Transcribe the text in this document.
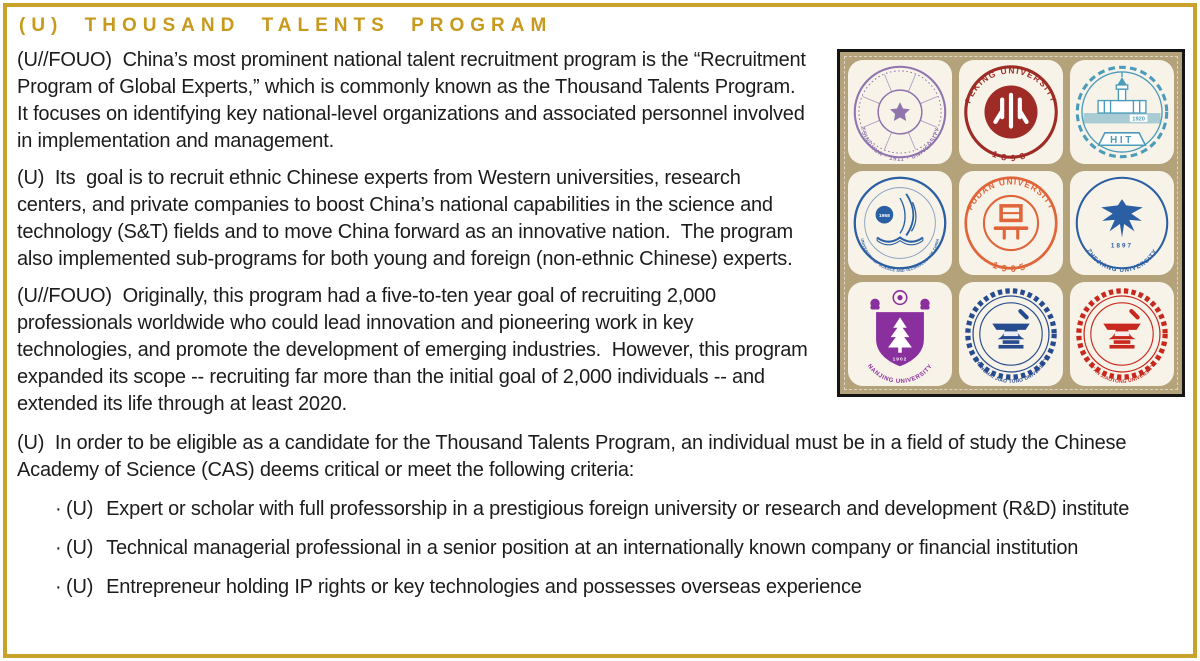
(U) THOUSAND TALENTS PROGRAM

(U//FOUO)  China’s most prominent national talent recruitment program is the “Recruitment Program of Global Experts,” which is commonly known as the Thousand Talents Program.  It focuses on identifying key national-level organizations and associated personnel involved in implementation and management.

(U)  Its  goal is to recruit ethnic Chinese experts from Western universities, research centers, and private companies to boost China’s national capabilities in the science and technology (S&T) fields and to move China forward as an innovative nation.  The program also implemented sub-programs for both young and foreign (non-ethnic Chinese) experts.

(U//FOUO)  Originally, this program had a five-to-ten year goal of recruiting 2,000 professionals worldwide who could lead innovation and pioneering work in key technologies, and promote the development of emerging industries.  However, this program expanded its scope -- recruiting far more than the initial goal of 2,000 individuals -- and extended its life through at least 2020.

TSINGHUA · 1911 · UNIVERSITY
PEKING UNIVERSITY
1898
1920
HIT
1958
UNIVERSITY OF SCIENCE AND TECHNOLOGY OF CHINA
FUDAN UNIVERSITY
1905
1897
ZHEJIANG UNIVERSITY
1902
NANJING UNIVERSITY
SHANGHAI JIAO TONG UNIVERSITY
XI'AN JIAOTONG UNIVERSITY

(U)  In order to be eligible as a candidate for the Thousand Talents Program, an individual must be in a field of study the Chinese Academy of Science (CAS) deems critical or meet the following criteria:

· (U) Expert or scholar with full professorship in a prestigious foreign university or research and development (R&D) institute
· (U) Technical managerial professional in a senior position at an internationally known company or financial institution
· (U) Entrepreneur holding IP rights or key technologies and possesses overseas experience
